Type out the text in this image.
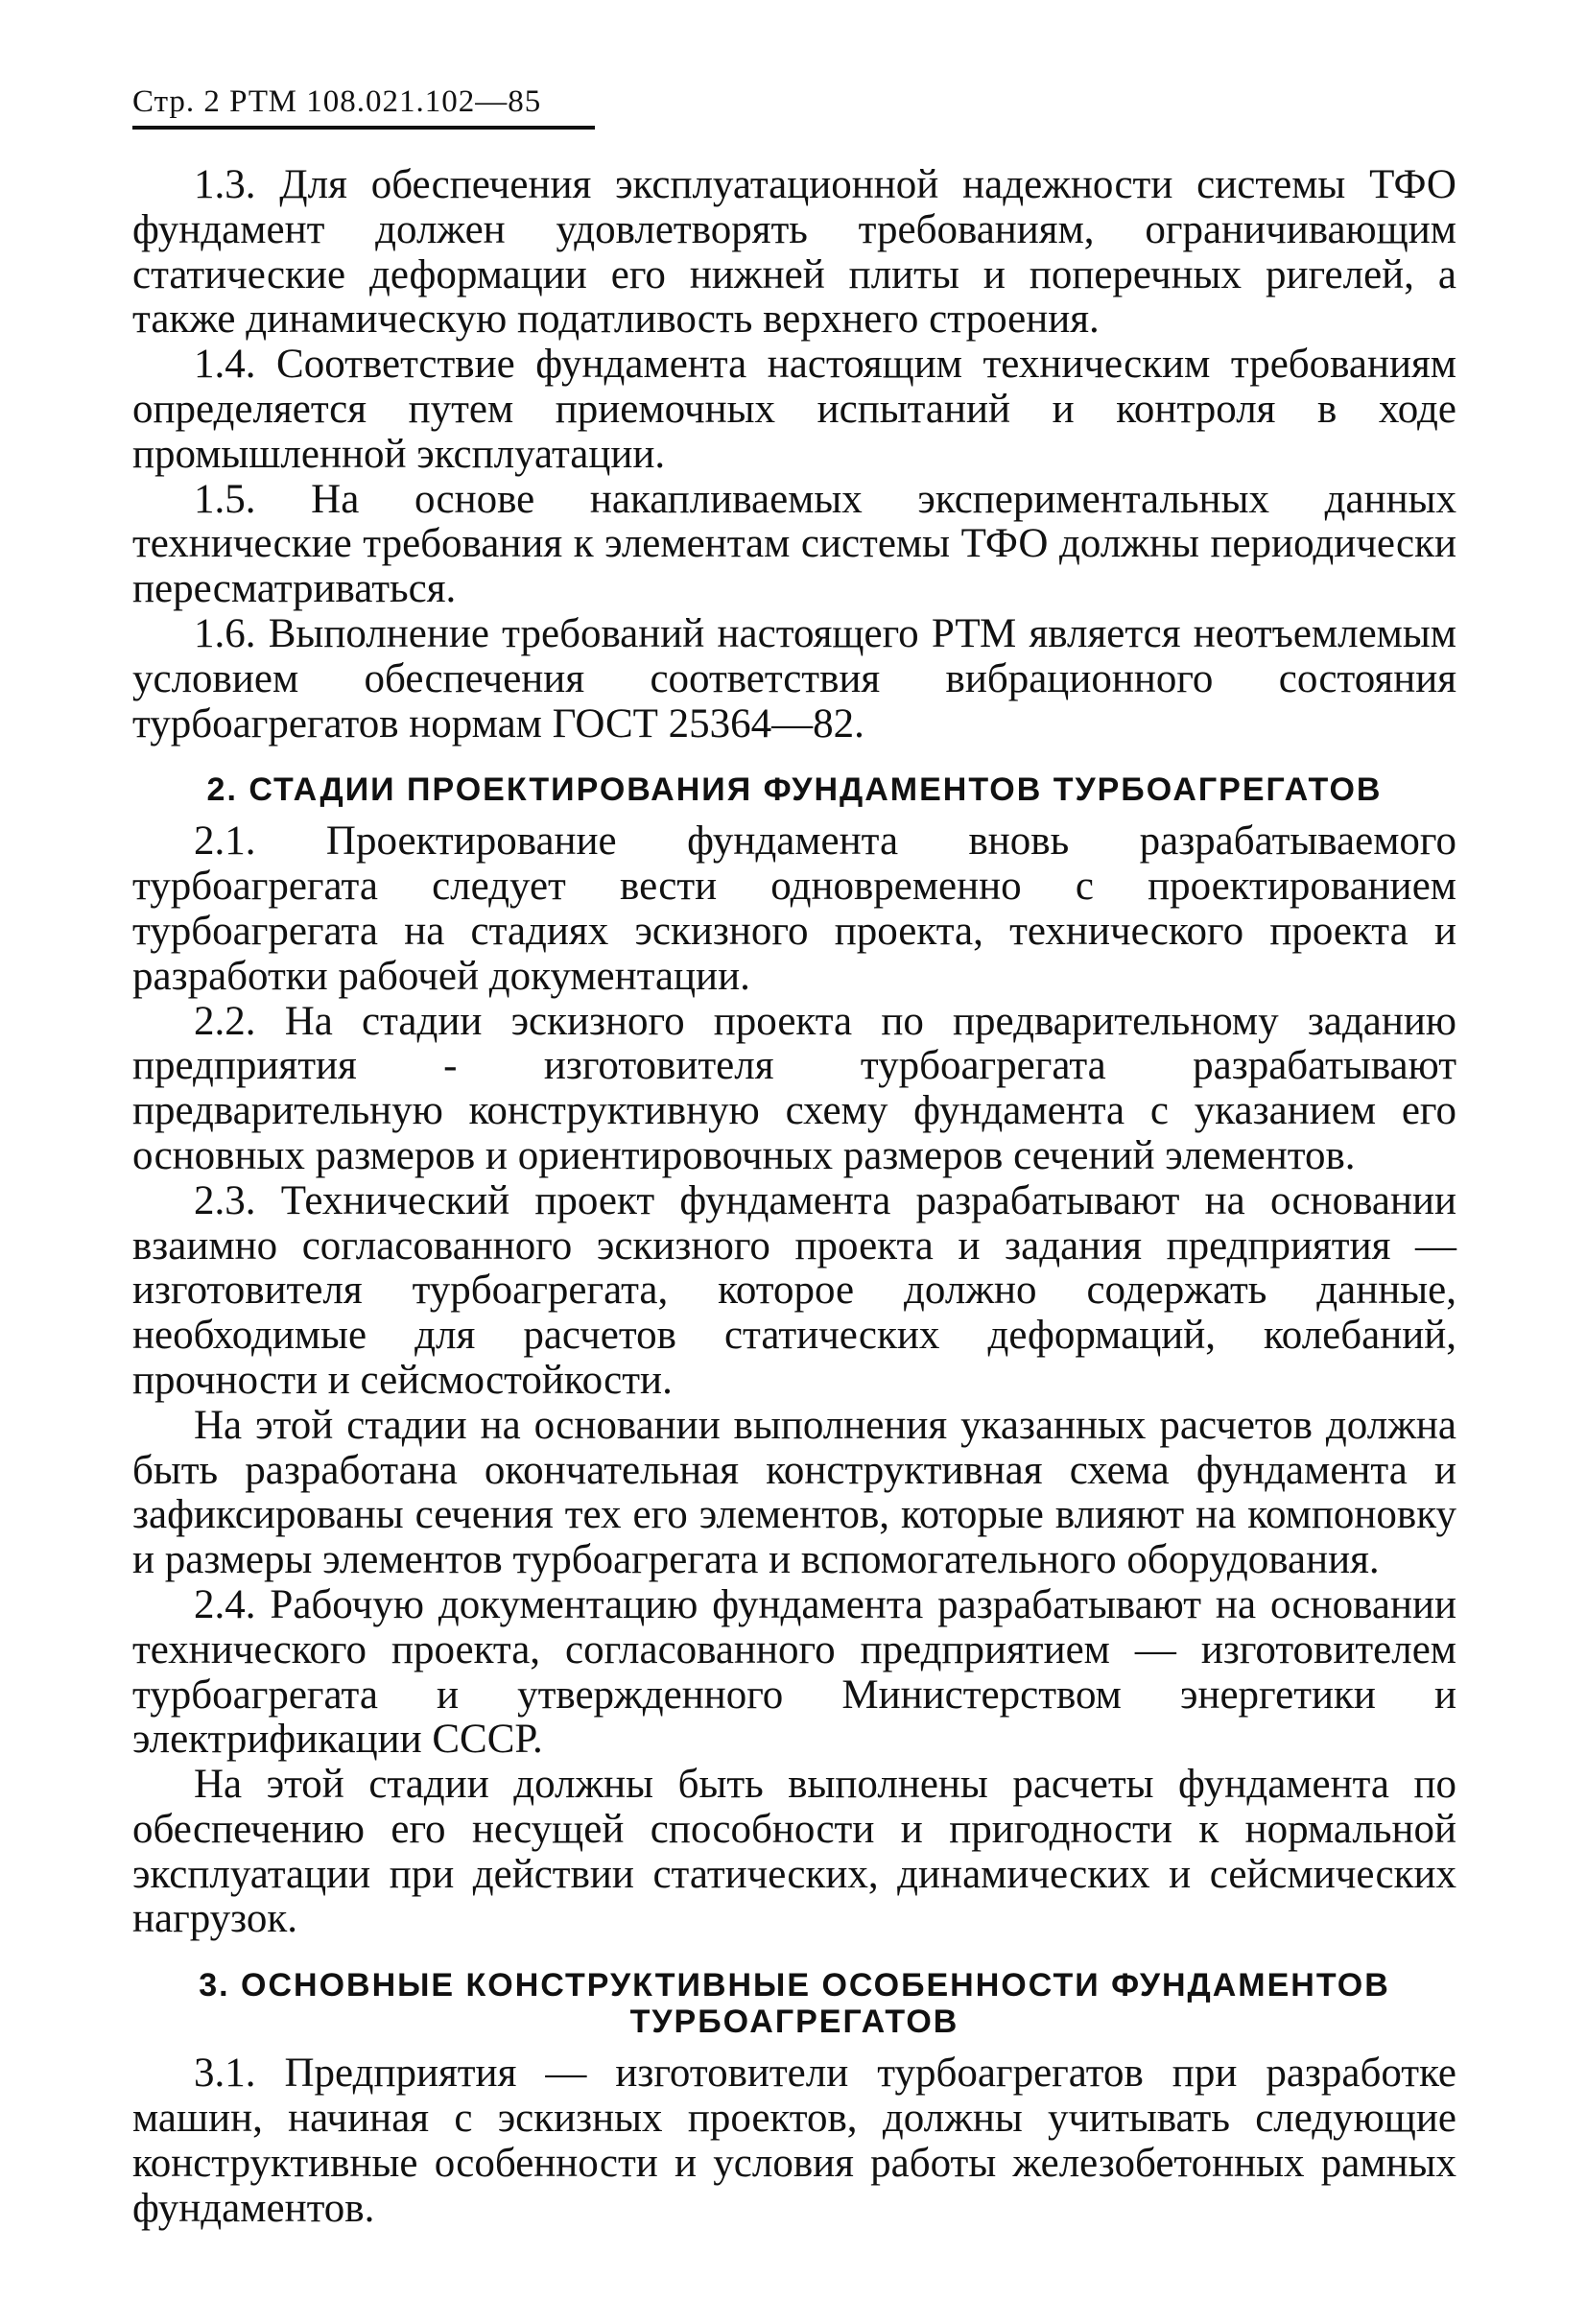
Стр. 2 РТМ 108.021.102—85

1.3. Для обеспечения эксплуатационной надежности системы ТФО фундамент должен удовлетворять требованиям, ограничивающим статические деформации его нижней плиты и поперечных ригелей, а также динамическую податливость верхнего строения.

1.4. Соответствие фундамента настоящим техническим требованиям определяется путем приемочных испытаний и контроля в ходе промышленной эксплуатации.

1.5. На основе накапливаемых экспериментальных данных технические требования к элементам системы ТФО должны периодически пересматриваться.

1.6. Выполнение требований настоящего РТМ является неотъемлемым условием обеспечения соответствия вибрационного состояния турбоагрегатов нормам ГОСТ 25364—82.

2. СТАДИИ ПРОЕКТИРОВАНИЯ ФУНДАМЕНТОВ ТУРБОАГРЕГАТОВ

2.1. Проектирование фундамента вновь разрабатываемого турбоагрегата следует вести одновременно с проектированием турбоагрегата на стадиях эскизного проекта, технического проекта и разработки рабочей документации.

2.2. На стадии эскизного проекта по предварительному заданию предприятия - изготовителя турбоагрегата разрабатывают предварительную конструктивную схему фундамента с указанием его основных размеров и ориентировочных размеров сечений элементов.

2.3. Технический проект фундамента разрабатывают на основании взаимно согласованного эскизного проекта и задания предприятия — изготовителя турбоагрегата, которое должно содержать данные, необходимые для расчетов статических деформаций, колебаний, прочности и сейсмостойкости.

На этой стадии на основании выполнения указанных расчетов должна быть разработана окончательная конструктивная схема фундамента и зафиксированы сечения тех его элементов, которые влияют на компоновку и размеры элементов турбоагрегата и вспомогательного оборудования.

2.4. Рабочую документацию фундамента разрабатывают на основании технического проекта, согласованного предприятием — изготовителем турбоагрегата и утвержденного Министерством энергетики и электрификации СССР.

На этой стадии должны быть выполнены расчеты фундамента по обеспечению его несущей способности и пригодности к нормальной эксплуатации при действии статических, динамических и сейсмических нагрузок.

3. ОСНОВНЫЕ КОНСТРУКТИВНЫЕ ОСОБЕННОСТИ ФУНДАМЕНТОВ ТУРБОАГРЕГАТОВ

3.1. Предприятия — изготовители турбоагрегатов при разработке машин, начиная с эскизных проектов, должны учитывать следующие конструктивные особенности и условия работы железобетонных рамных фундаментов.
